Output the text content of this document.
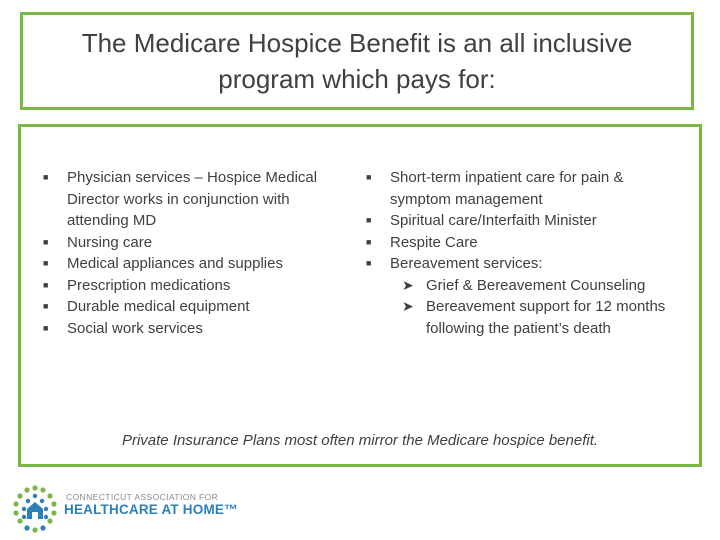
The Medicare Hospice Benefit is an all inclusive
program which pays for:
■	Physician services – Hospice Medical Director works in conjunction with attending MD
■	Nursing care
■	Medical appliances and supplies
■	Prescription medications
■	Durable medical equipment
■	Social work services
■	Short-term inpatient care for pain & symptom management
■	Spiritual care/Interfaith Minister
■	Respite Care
■	Bereavement services:
➤ Grief & Bereavement Counseling
➤ Bereavement support for 12 months following the patient’s death
Private Insurance Plans most often mirror the Medicare hospice benefit.
CONNECTICUT ASSOCIATION FOR
HEALTHCARE AT HOME™
